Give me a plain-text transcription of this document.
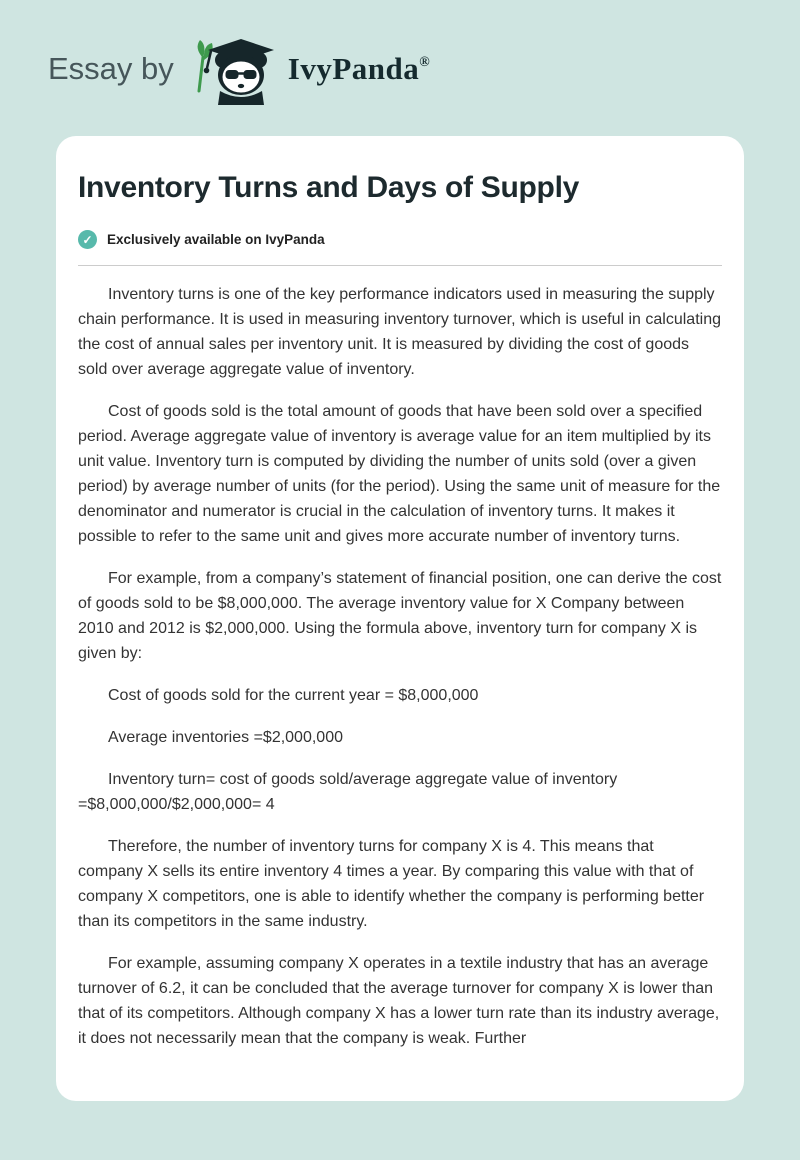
Essay by	IvyPanda®
Inventory Turns and Days of Supply
✓	Exclusively available on IvyPanda

Inventory turns is one of the key performance indicators used in measuring the supply chain performance. It is used in measuring inventory turnover, which is useful in calculating the cost of annual sales per inventory unit. It is measured by dividing the cost of goods sold over average aggregate value of inventory.

Cost of goods sold is the total amount of goods that have been sold over a specified period. Average aggregate value of inventory is average value for an item multiplied by its unit value. Inventory turn is computed by dividing the number of units sold (over a given period) by average number of units (for the period). Using the same unit of measure for the denominator and numerator is crucial in the calculation of inventory turns. It makes it possible to refer to the same unit and gives more accurate number of inventory turns.

For example, from a company’s statement of financial position, one can derive the cost of goods sold to be $8,000,000. The average inventory value for X Company between 2010 and 2012 is $2,000,000. Using the formula above, inventory turn for company X is given by:

Cost of goods sold for the current year = $8,000,000

Average inventories =$2,000,000

Inventory turn= cost of goods sold/average aggregate value of inventory =$8,000,000/$2,000,000= 4

Therefore, the number of inventory turns for company X is 4. This means that company X sells its entire inventory 4 times a year. By comparing this value with that of company X competitors, one is able to identify whether the company is performing better than its competitors in the same industry.

For example, assuming company X operates in a textile industry that has an average turnover of 6.2, it can be concluded that the average turnover for company X is lower than that of its competitors. Although company X has a lower turn rate than its industry average, it does not necessarily mean that the company is weak. Further
